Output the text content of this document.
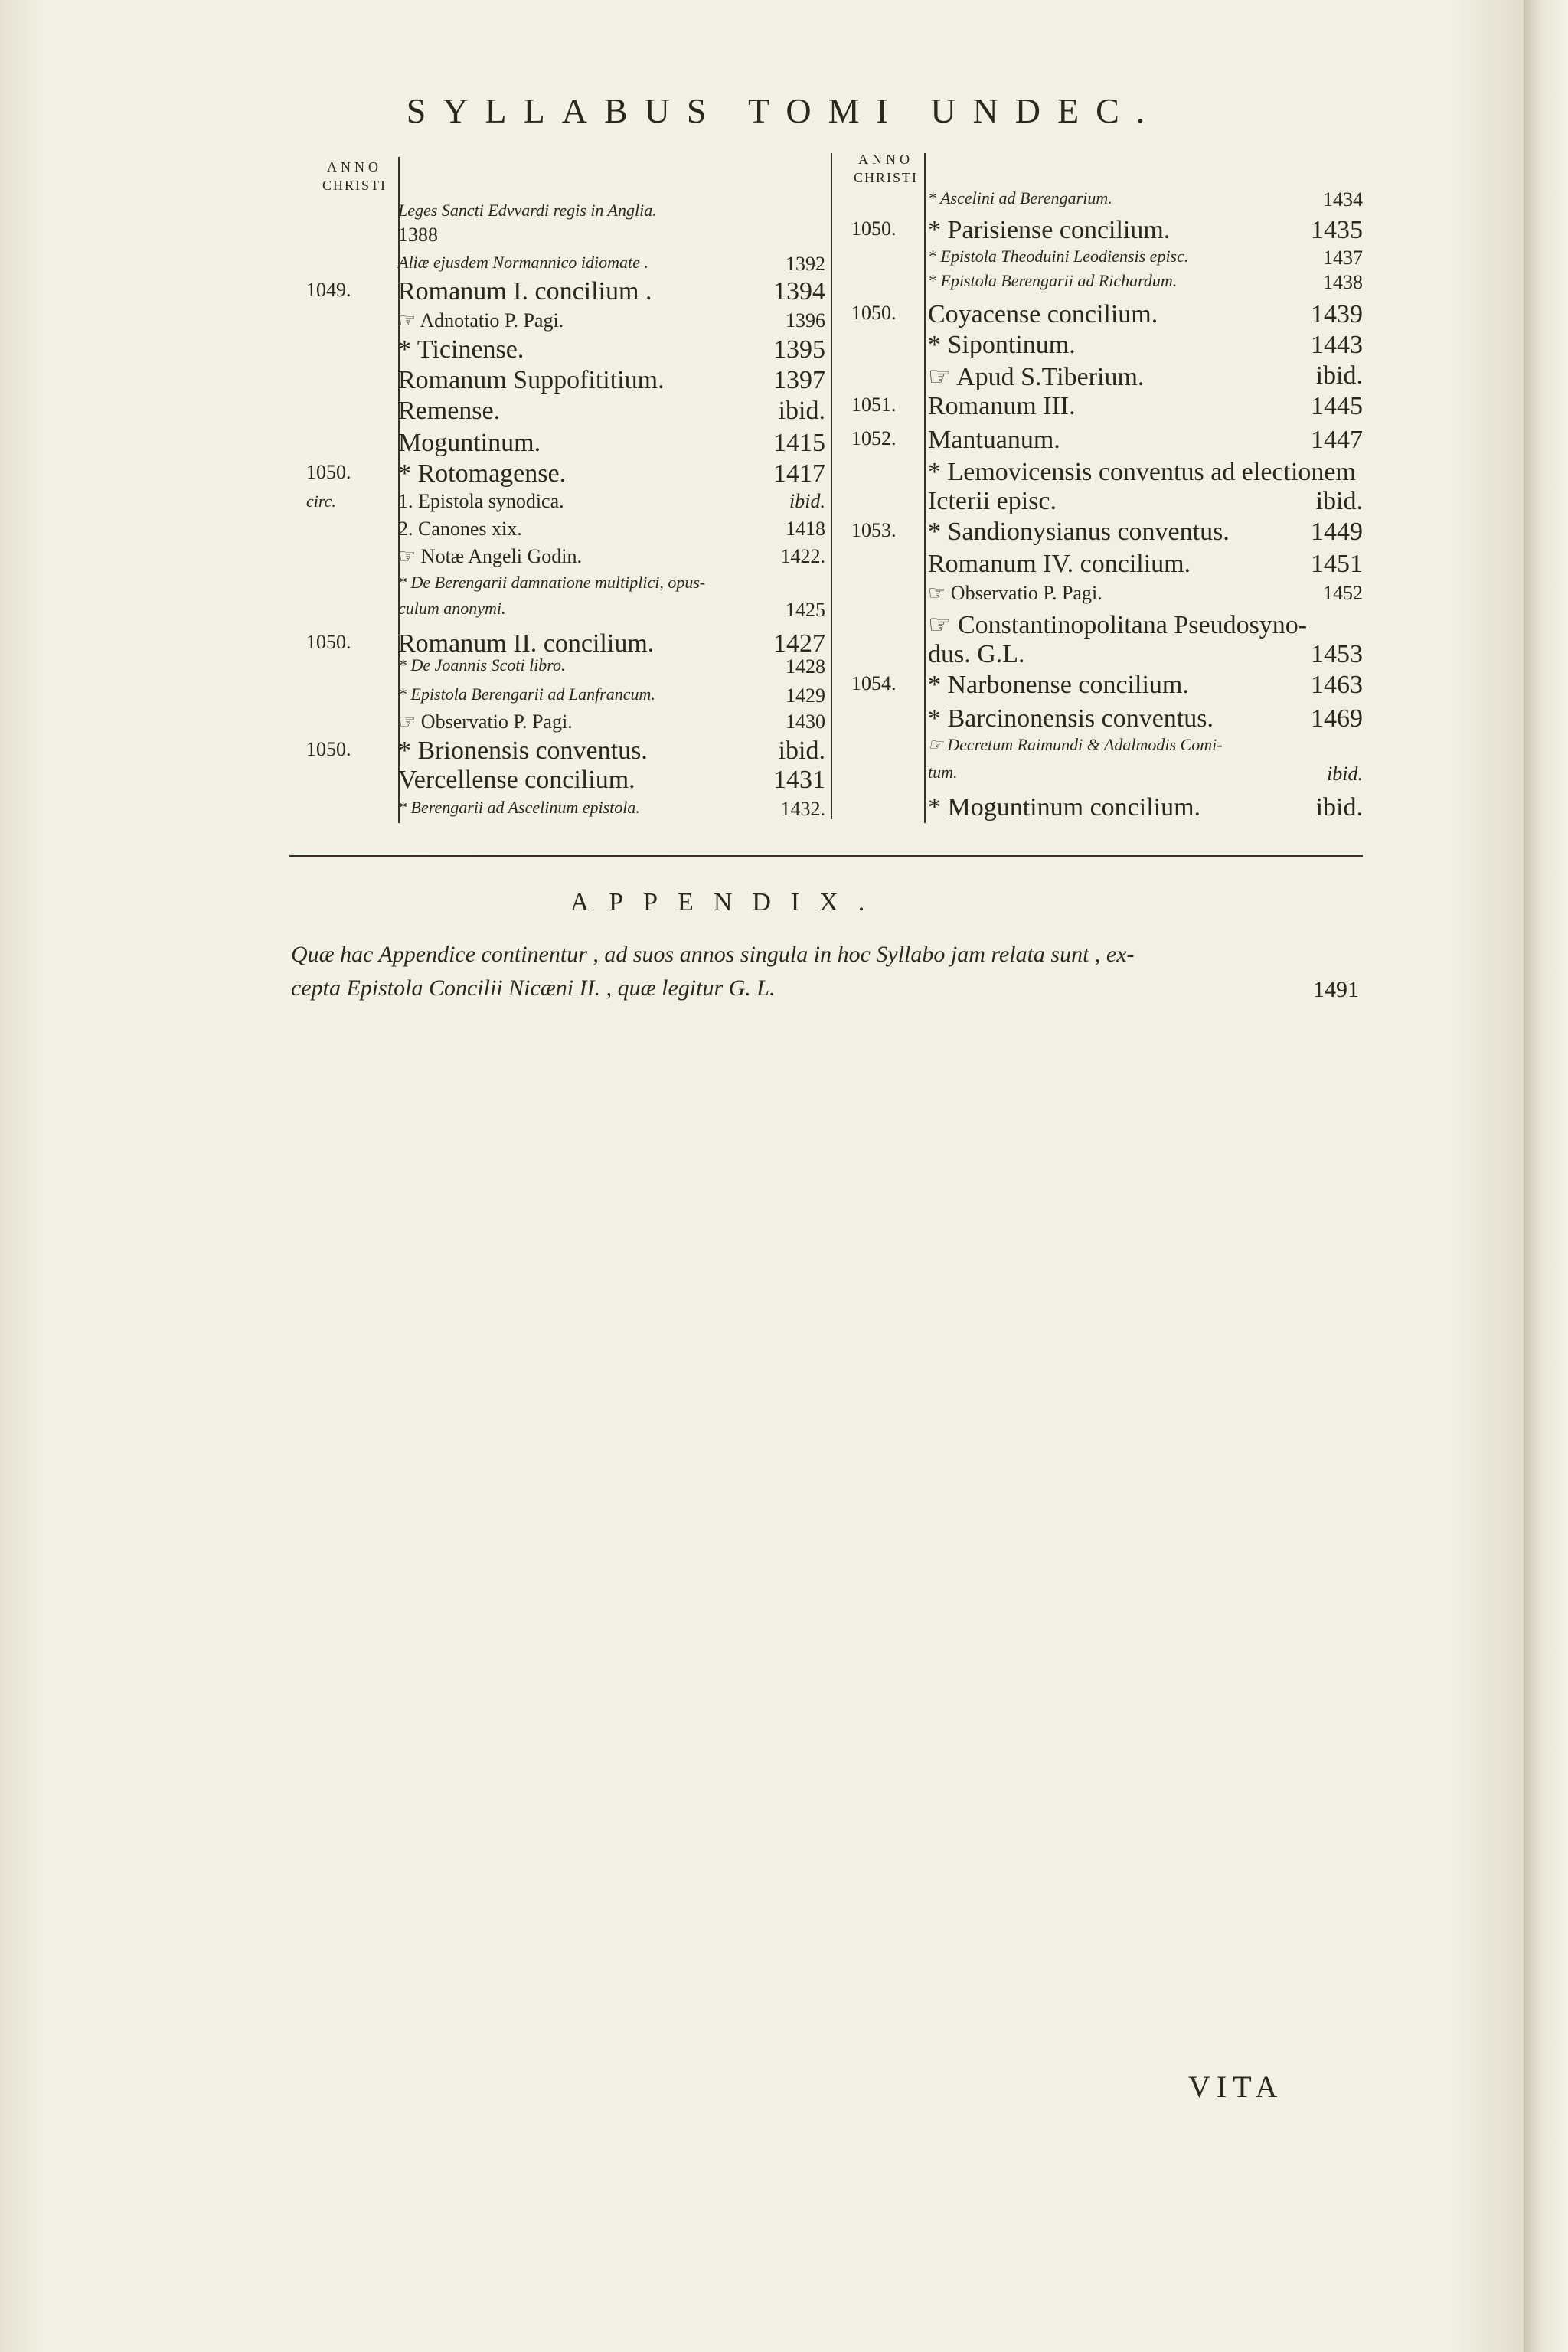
SYLLABUS TOMI UNDEC.
ANNO
CHRISTI
ANNO
CHRISTI
Leges Sancti Edvvardi regis in Anglia.
1388
Aliæ ejusdem Normannico idiomate .	1392
1049. Romanum I. concilium .	1394
☞ Adnotatio P. Pagi.	1396
* Ticinense.	1395
Romanum Suppofititium.	1397
Remense.	ibid.
Moguntinum.	1415
1050. * Rotomagense.	1417
circ.	1. Epistola synodica.	ibid.
2. Canones xix.	1418
☞ Notæ Angeli Godin.	1422.
* De Berengarii damnatione multiplici, opus-
culum anonymi.	1425
1050. Romanum II. concilium.	1427
* De Joannis Scoti libro.	1428
* Epistola Berengarii ad Lanfrancum.	1429
☞ Observatio P. Pagi.	1430
1050. * Brionensis conventus.	ibid.
Vercellense concilium.	1431
* Berengarii ad Ascelinum epistola.	1432.
* Ascelini ad Berengarium.	1434
1050. * Parisiense concilium.	1435
* Epistola Theoduini Leodiensis episc.	1437
* Epistola Berengarii ad Richardum.	1438
1050. Coyacense concilium.	1439
* Sipontinum.	1443
☞ Apud S.Tiberium.	ibid.
1051. Romanum III.	1445
1052. Mantuanum.	1447
* Lemovicensis conventus ad electionem
Icterii episc.	ibid.
1053. * Sandionysianus conventus.	1449
Romanum IV. concilium.	1451
☞ Observatio P. Pagi.	1452
☞ Constantinopolitana Pseudosyno-
dus. G.L.	1453
1054. * Narbonense concilium.	1463
* Barcinonensis conventus.	1469
☞ Decretum Raimundi & Adalmodis Comi-
tum.	ibid.
* Moguntinum concilium.	ibid.
APPENDIX.
Quæ hac Appendice continentur , ad suos annos singula in hoc Syllabo jam relata sunt , ex-
cepta Epistola Concilii Nicæni II. , quæ legitur G. L.	1491
VITA
